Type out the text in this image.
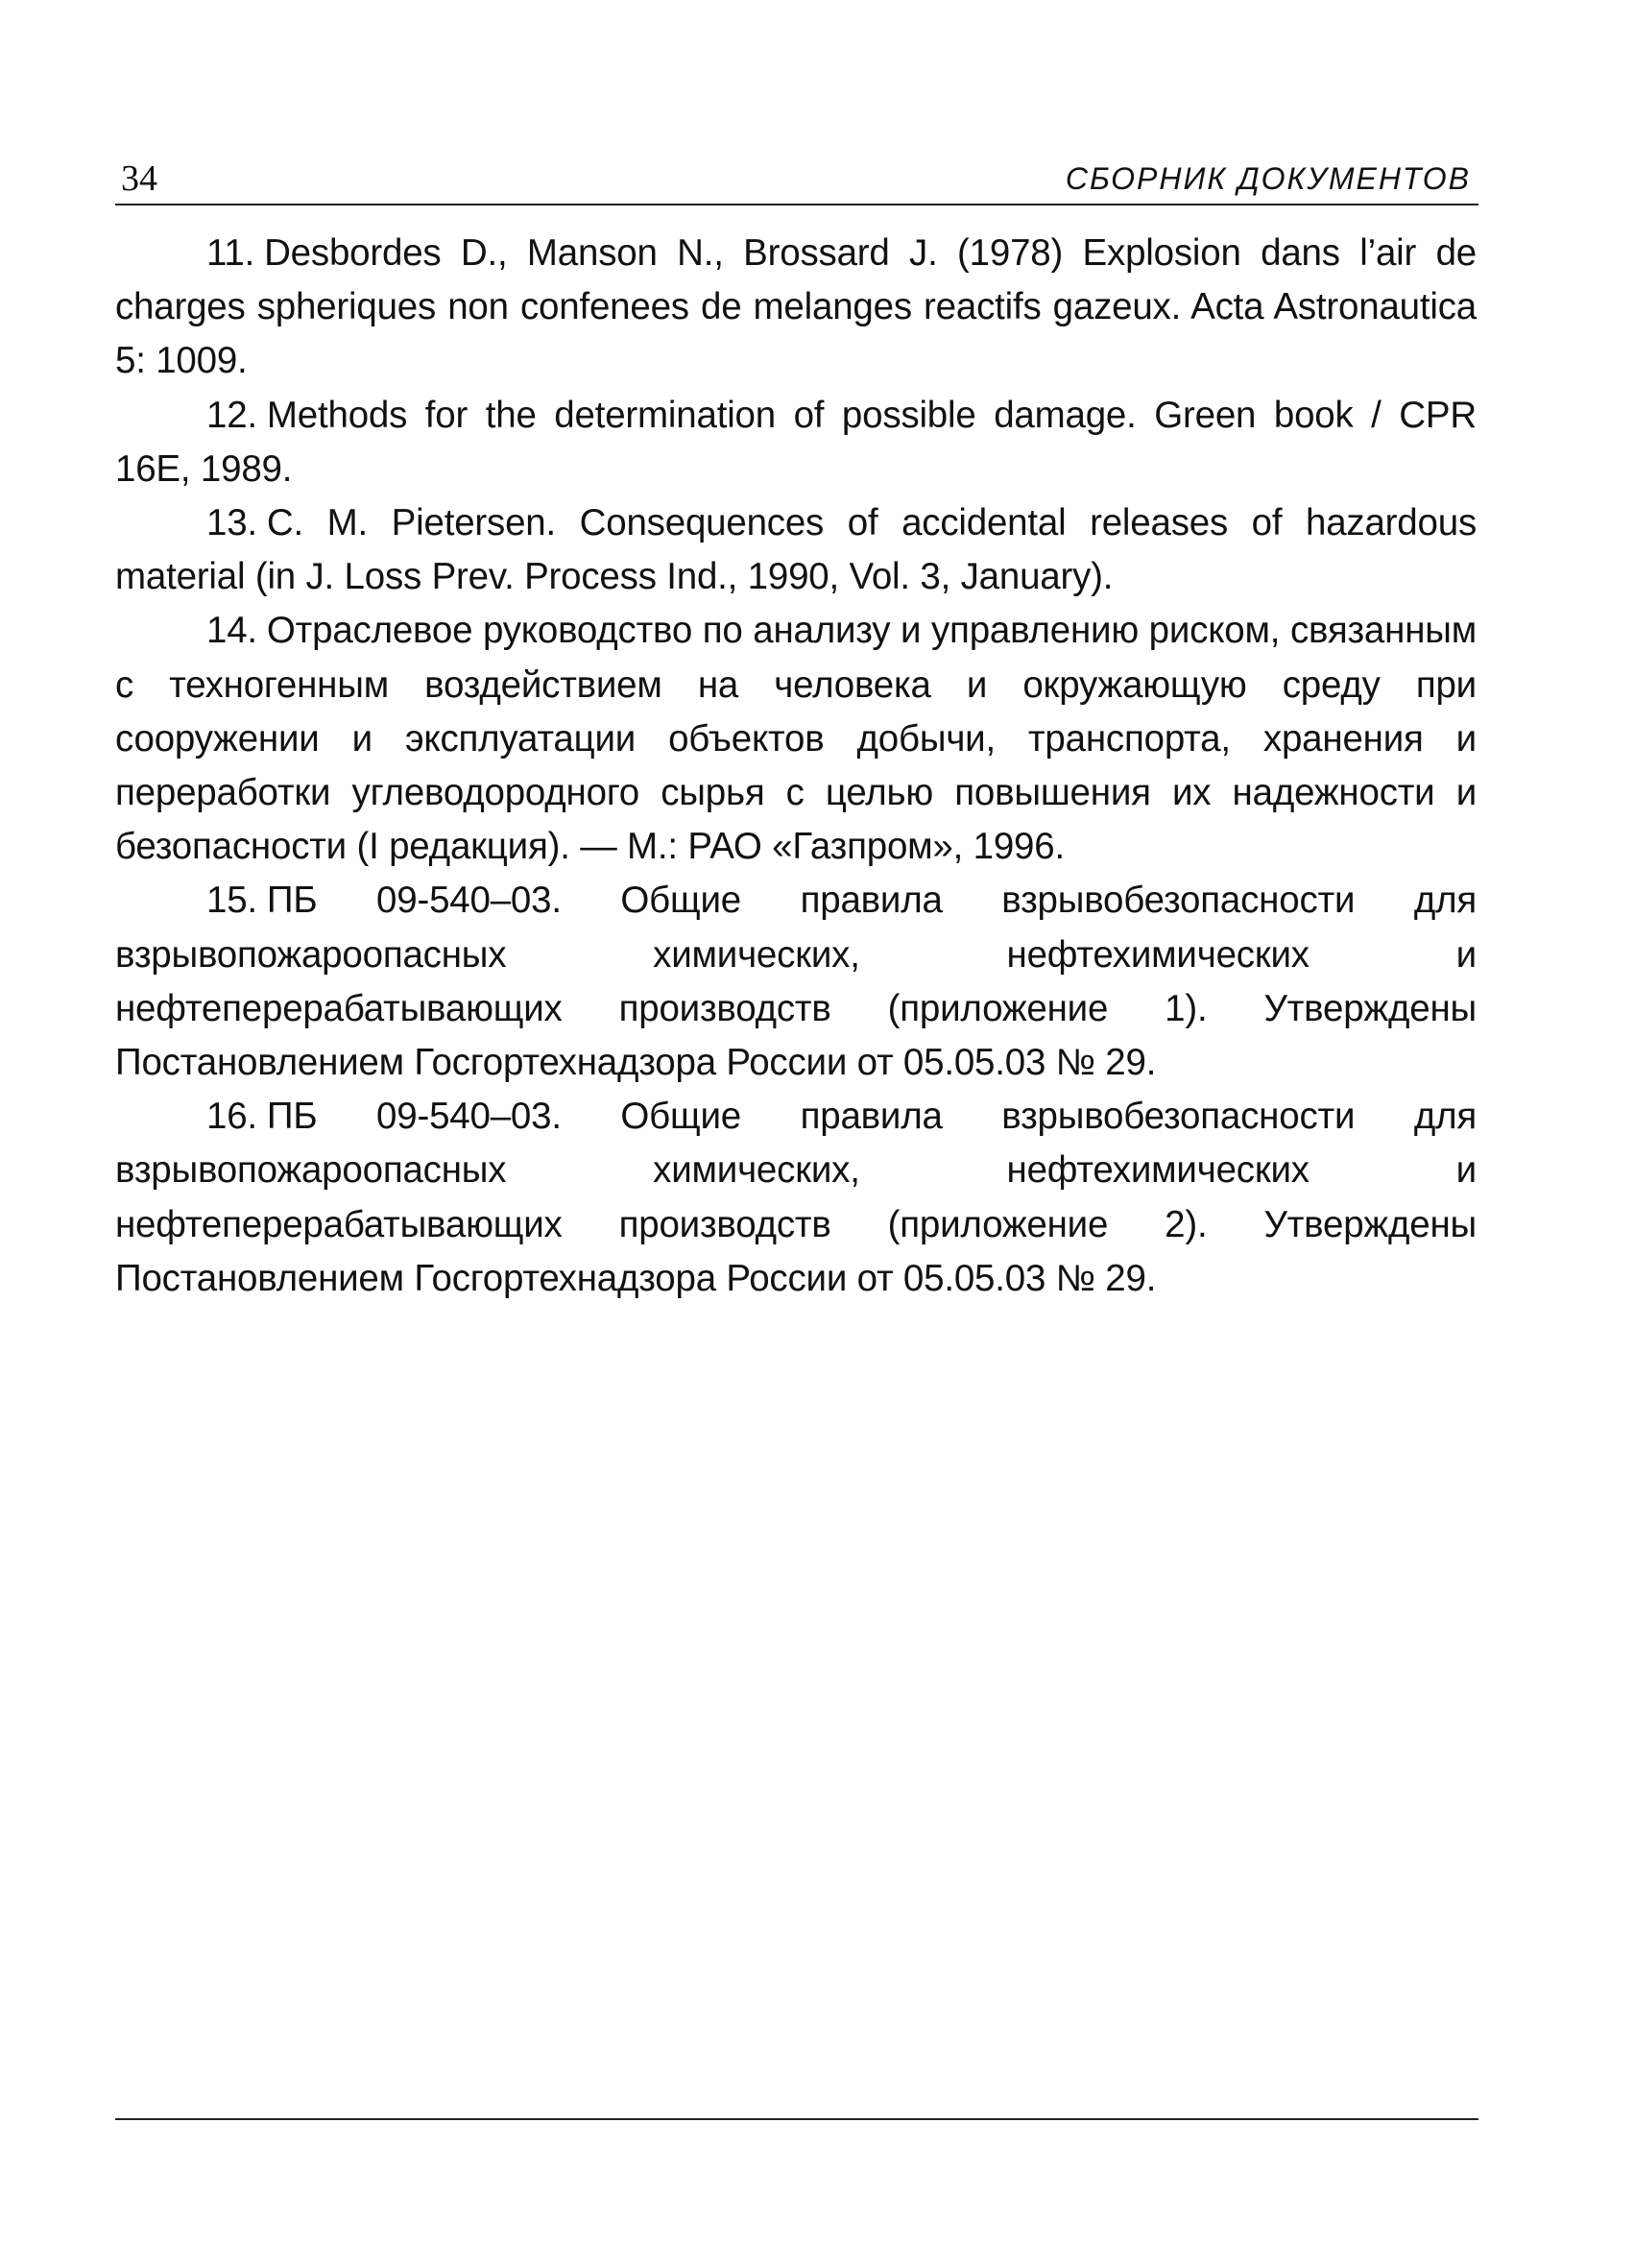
34	СБОРНИК ДОКУМЕНТОВ
11. Desbordes D., Manson N., Brossard J. (1978) Explosion dans l’air de charges spheriques non confenees de melanges reactifs gazeux. Acta Astronautica 5: 1009.
12. Methods for the determination of possible damage. Green book / CPR 16E, 1989.
13. C. M. Pietersen. Consequences of accidental releases of hazardous material (in J. Loss Prev. Process Ind., 1990, Vol. 3, January).
14. Отраслевое руководство по анализу и управлению риском, связанным с техногенным воздействием на человека и окружающую среду при сооружении и эксплуатации объектов добычи, транспорта, хранения и переработки углеводородного сырья с целью повышения их надежности и безопасности (I редакция). — М.: РАО «Газпром», 1996.
15. ПБ 09-540–03. Общие правила взрывобезопасности для взрывопожароопасных химических, нефтехимических и нефтеперерабатывающих производств (приложение 1). Утверждены Постановлением Госгортехнадзора России от 05.05.03 № 29.
16. ПБ 09-540–03. Общие правила взрывобезопасности для взрывопожароопасных химических, нефтехимических и нефтеперерабатывающих производств (приложение 2). Утверждены Постановлением Госгортехнадзора России от 05.05.03 № 29.
